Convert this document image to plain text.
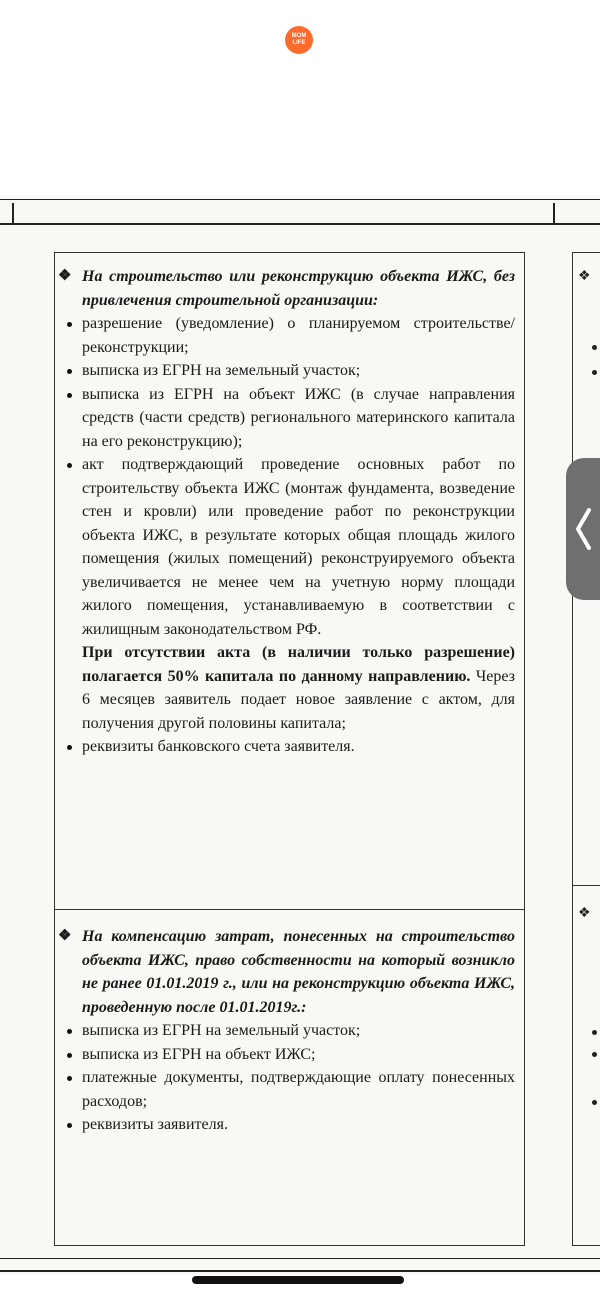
MOM LIFE
❖
❖

❖ На строительство или реконструкцию объекта ИЖС, без привлечения строительной организации:

разрешение (уведомление) о планируемом строительстве/реконструкции;
выписка из ЕГРН на земельный участок;
выписка из ЕГРН на объект ИЖС (в случае направления средств (части средств) регионального материнского капитала на его реконструкцию);
акт подтверждающий проведение основных работ по строительству объекта ИЖС (монтаж фундамента, возведение стен и кровли) или проведение работ по реконструкции объекта ИЖС, в результате которых общая площадь жилого помещения (жилых помещений) реконструируемого объекта увеличивается не менее чем на учетную норму площади жилого помещения, устанавливаемую в соответствии с жилищным законодательством РФ.
При отсутствии акта (в наличии только разрешение) полагается 50% капитала по данному направлению. Через 6 месяцев заявитель подает новое заявление с актом, для получения другой половины капитала;
реквизиты банковского счета заявителя.

❖ На компенсацию затрат, понесенных на строительство объекта ИЖС, право собственности на который возникло не ранее 01.01.2019 г., или на реконструкцию объекта ИЖС, проведенную после 01.01.2019г.:

выписка из ЕГРН на земельный участок;
выписка из ЕГРН на объект ИЖС;
платежные документы, подтверждающие оплату понесенных расходов;
реквизиты заявителя.
